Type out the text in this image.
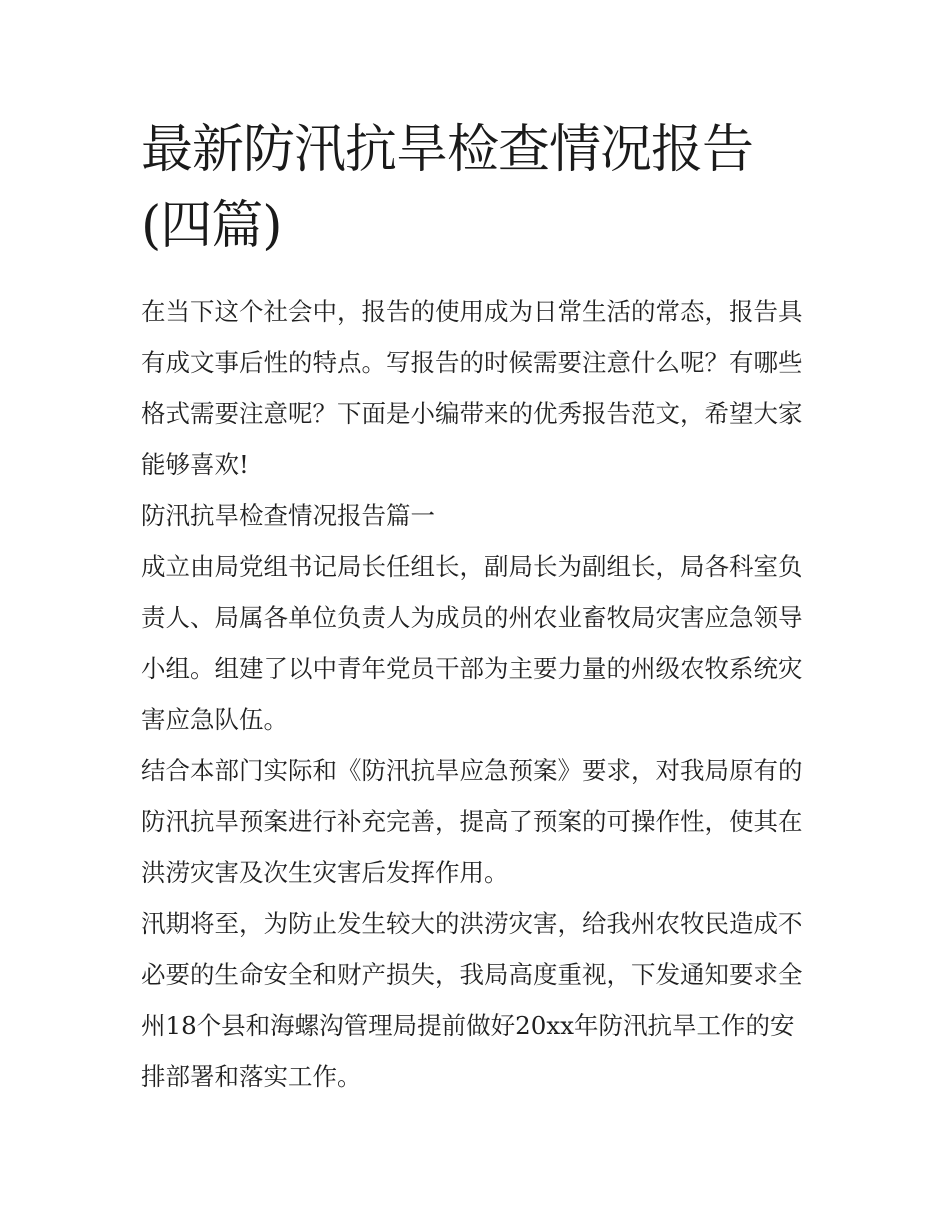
最新防汛抗旱检查情况报告(四篇)

在当下这个社会中，报告的使用成为日常生活的常态，报告具有成文事后性的特点。写报告的时候需要注意什么呢？有哪些格式需要注意呢？下面是小编带来的优秀报告范文，希望大家能够喜欢!

防汛抗旱检查情况报告篇一

成立由局党组书记局长任组长，副局长为副组长，局各科室负责人、局属各单位负责人为成员的州农业畜牧局灾害应急领导小组。组建了以中青年党员干部为主要力量的州级农牧系统灾害应急队伍。

结合本部门实际和《防汛抗旱应急预案》要求，对我局原有的防汛抗旱预案进行补充完善，提高了预案的可操作性，使其在洪涝灾害及次生灾害后发挥作用。

汛期将至，为防止发生较大的洪涝灾害，给我州农牧民造成不必要的生命安全和财产损失，我局高度重视，下发通知要求全州18个县和海螺沟管理局提前做好20xx年防汛抗旱工作的安排部署和落实工作。
